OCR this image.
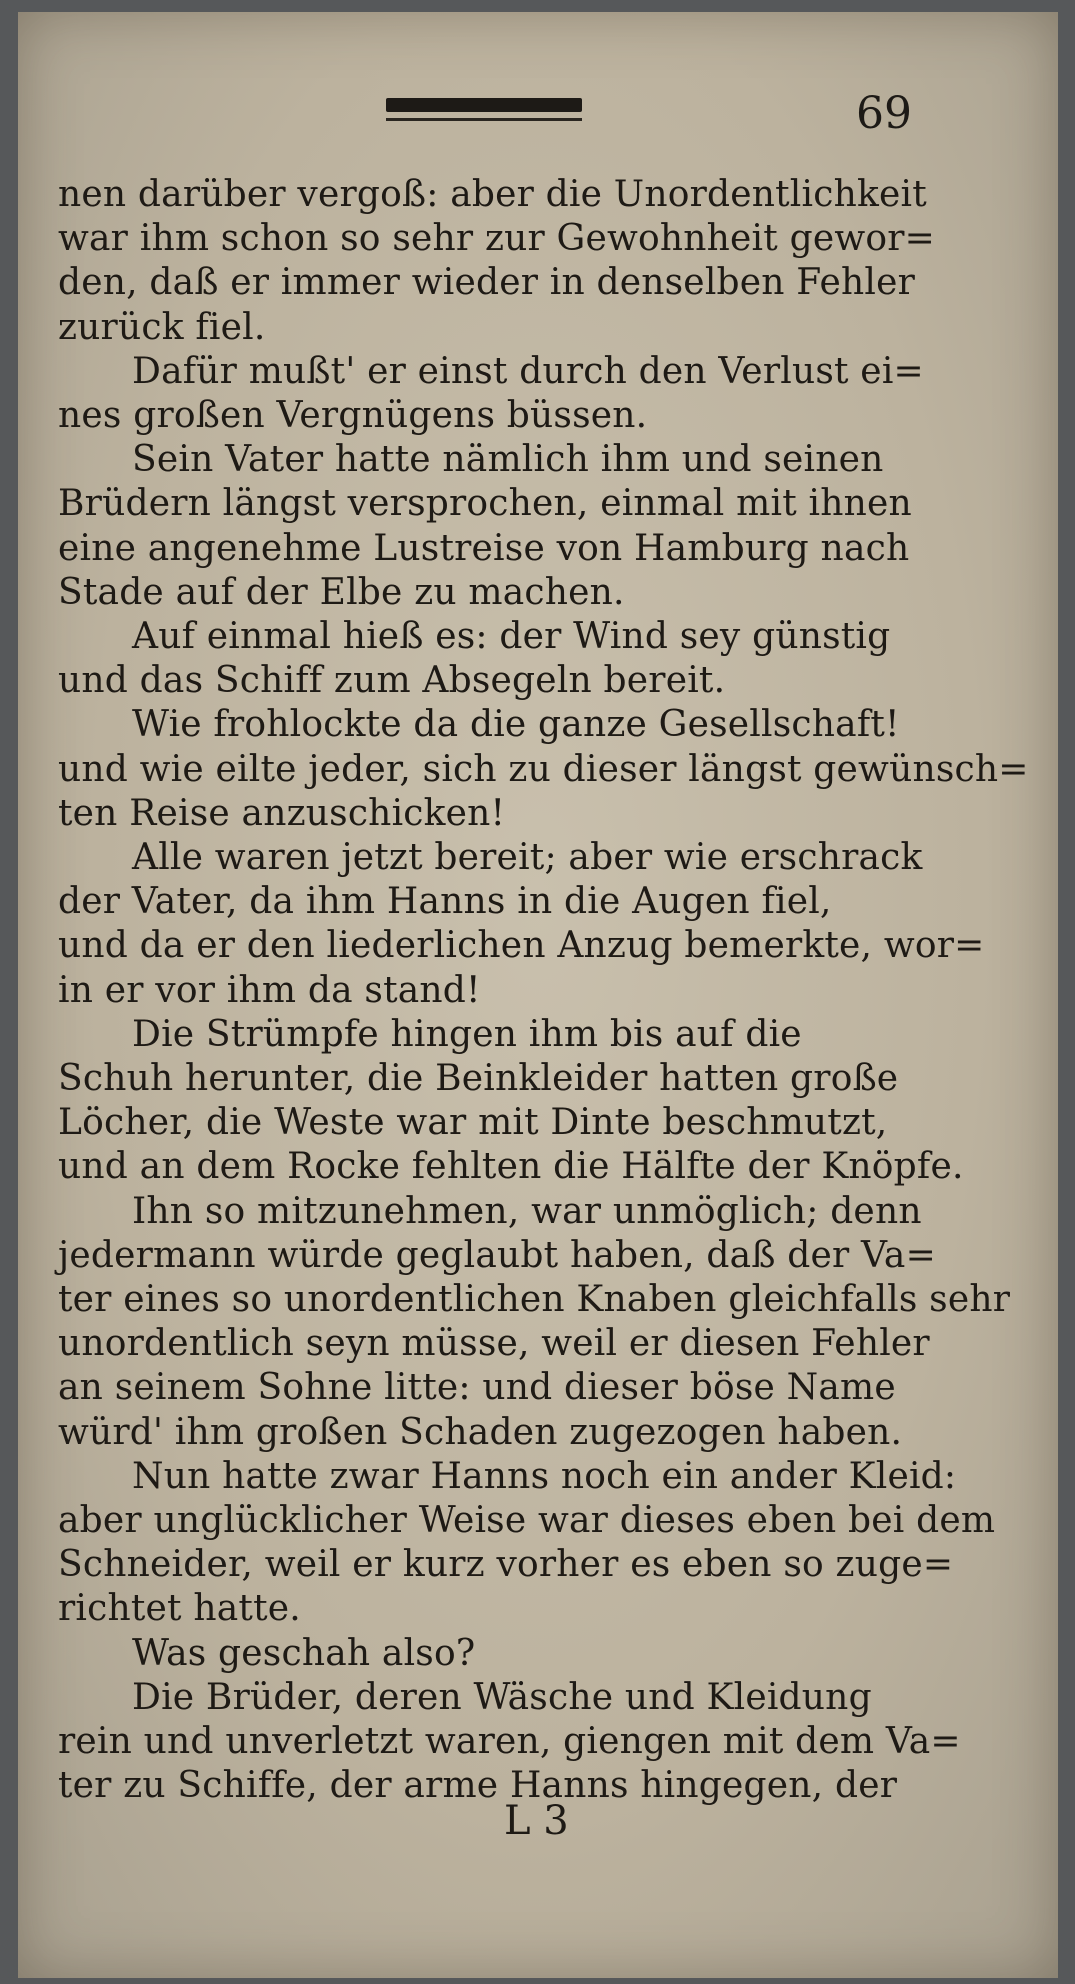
69
nen darüber vergoß: aber die Unordentlichkeit
war ihm schon so sehr zur Gewohnheit gewor=
den, daß er immer wieder in denselben Fehler
zurück fiel.
Dafür mußt' er einst durch den Verlust ei=
nes großen Vergnügens büssen.
Sein Vater hatte nämlich ihm und seinen
Brüdern längst versprochen, einmal mit ihnen
eine angenehme Lustreise von Hamburg nach
Stade auf der Elbe zu machen.
Auf einmal hieß es: der Wind sey günstig
und das Schiff zum Absegeln bereit.
Wie frohlockte da die ganze Gesellschaft!
und wie eilte jeder, sich zu dieser längst gewünsch=
ten Reise anzuschicken!
Alle waren jetzt bereit; aber wie erschrack
der Vater, da ihm Hanns in die Augen fiel,
und da er den liederlichen Anzug bemerkte, wor=
in er vor ihm da stand!
Die Strümpfe hingen ihm bis auf die
Schuh herunter, die Beinkleider hatten große
Löcher, die Weste war mit Dinte beschmutzt,
und an dem Rocke fehlten die Hälfte der Knöpfe.
Ihn so mitzunehmen, war unmöglich; denn
jedermann würde geglaubt haben, daß der Va=
ter eines so unordentlichen Knaben gleichfalls sehr
unordentlich seyn müsse, weil er diesen Fehler
an seinem Sohne litte: und dieser böse Name
würd' ihm großen Schaden zugezogen haben.
Nun hatte zwar Hanns noch ein ander Kleid:
aber unglücklicher Weise war dieses eben bei dem
Schneider, weil er kurz vorher es eben so zuge=
richtet hatte.
Was geschah also?
Die Brüder, deren Wäsche und Kleidung
rein und unverletzt waren, giengen mit dem Va=
ter zu Schiffe, der arme Hanns hingegen, der
L 3
